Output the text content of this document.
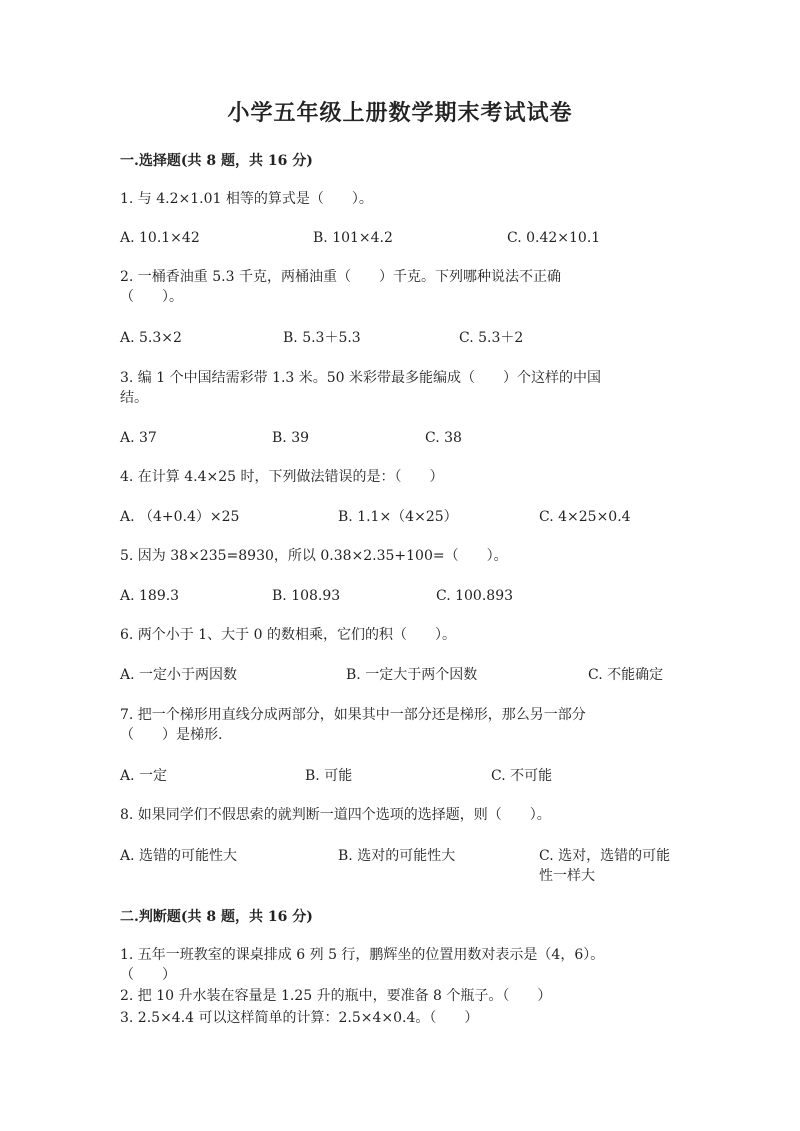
小学五年级上册数学期末考试试卷
一.选择题(共 8 题，共 16 分)
1. 与 4.2×1.01 相等的算式是（　　）。
A. 10.1×42	B. 101×4.2	C. 0.42×10.1
2. 一桶香油重 5.3 千克，两桶油重（　　）千克。下列哪种说法不正确
（　　）。
A. 5.3×2	B. 5.3＋5.3	C. 5.3＋2
3. 编 1 个中国结需彩带 1.3 米。50 米彩带最多能编成（　　）个这样的中国
结。
A. 37	B. 39	C. 38
4. 在计算 4.4×25 时，下列做法错误的是：（　　）
A. （4+0.4）×25	B. 1.1×（4×25）	C. 4×25×0.4
5. 因为 38×235=8930，所以 0.38×2.35+100=（　　）。
A. 189.3	B. 108.93	C. 100.893
6. 两个小于 1、大于 0 的数相乘，它们的积（　　）。
A. 一定小于两因数	B. 一定大于两个因数	C. 不能确定
7. 把一个梯形用直线分成两部分，如果其中一部分还是梯形，那么另一部分
（　　）是梯形.
A. 一定	B. 可能	C. 不可能
8. 如果同学们不假思索的就判断一道四个选项的选择题，则（　　）。
A. 选错的可能性大	B. 选对的可能性大	C. 选对，选错的可能性一样大
二.判断题(共 8 题，共 16 分)
1. 五年一班教室的课桌排成 6 列 5 行，鹏辉坐的位置用数对表示是（4，6）。
（　　）
2. 把 10 升水装在容量是 1.25 升的瓶中，要准备 8 个瓶子。（　　）
3. 2.5×4.4 可以这样简单的计算：2.5×4×0.4。（　　）
